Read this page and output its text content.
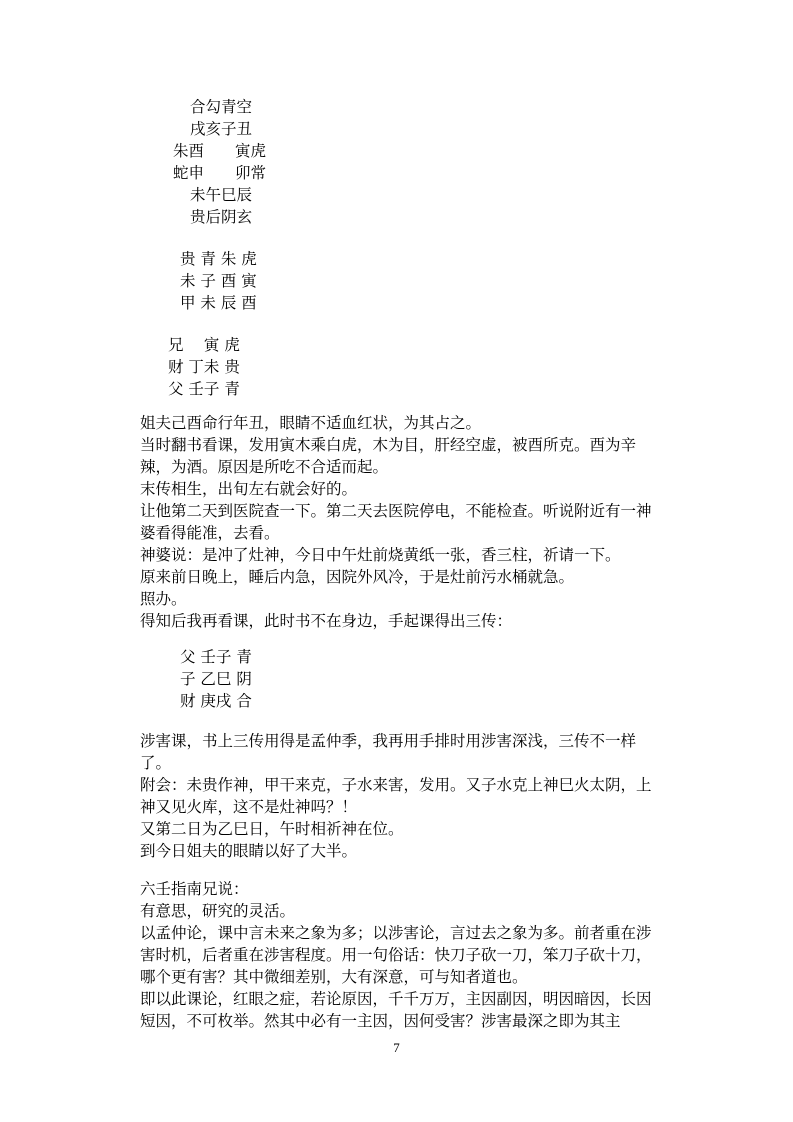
合勾青空
戌亥子丑
朱酉　　寅虎
蛇申　　卯常
未午巳辰
贵后阴玄
贵 青 朱 虎
未 子 酉 寅
甲 未 辰 酉
兄　 寅 虎
财 丁未 贵
父 壬子 青
姐夫己酉命行年丑，眼睛不适血红状，为其占之。
当时翻书看课，发用寅木乘白虎，木为目，肝经空虚，被酉所克。酉为辛辣，为酒。原因是所吃不合适而起。
末传相生，出旬左右就会好的。
让他第二天到医院查一下。第二天去医院停电，不能检查。听说附近有一神婆看得能准，去看。
神婆说：是冲了灶神，今日中午灶前烧黄纸一张，香三柱，祈请一下。
原来前日晚上，睡后内急，因院外风冷，于是灶前污水桶就急。
照办。
得知后我再看课，此时书不在身边，手起课得出三传：
父 壬子 青
子 乙巳 阴
财 庚戌 合
涉害课，书上三传用得是孟仲季，我再用手排时用涉害深浅，三传不一样了。
附会：未贵作神，甲干来克，子水来害，发用。又子水克上神巳火太阴，上神又见火库，这不是灶神吗？！
又第二日为乙巳日，午时相祈神在位。
到今日姐夫的眼睛以好了大半。
六壬指南兄说：
有意思，研究的灵活。
以孟仲论，课中言未来之象为多；以涉害论，言过去之象为多。前者重在涉害时机，后者重在涉害程度。用一句俗话：快刀子砍一刀，笨刀子砍十刀，哪个更有害？其中微细差别，大有深意，可与知者道也。
即以此课论，红眼之症，若论原因，千千万万，主因副因，明因暗因，长因短因，不可枚举。然其中必有一主因，因何受害？涉害最深之即为其主
7
